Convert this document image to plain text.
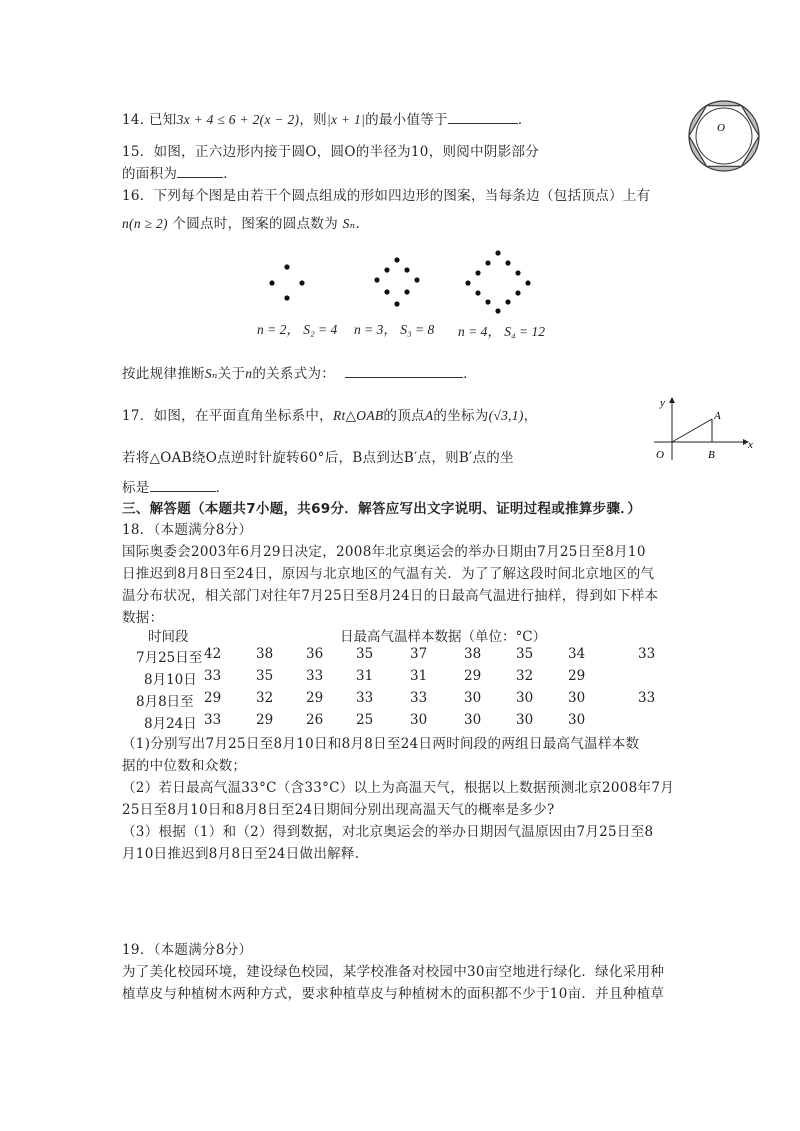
14. 已知3x + 4 ≤ 6 + 2(x − 2)，则|x + 1|的最小值等于	．	O
15．如图，正六边形内接于圆O，圆O的半径为10，则阅中阴影部分
的面积为	．
16．下列每个图是由若干个圆点组成的形如四边形的图案，当每条边（包括顶点）上有
n(n ≥ 2) 个圆点时，图案的圆点数为 Sₙ．
n = 2， S₂ = 4 n = 3， S₃ = 8 n = 4， S₄ = 12
按此规律推断Sₙ关于n的关系式为：	．
17．如图，在平面直角坐标系中，Rt△OAB的顶点A的坐标为(√3,1)，
若将△OAB绕O点逆时针旋转60°后，B点到达B′点，则B′点的坐
标是	．
y
x
O
A
B
三、解答题（本题共7小题，共69分．解答应写出文字说明、证明过程或推算步骤．）
18．（本题满分8分）
国际奥委会2003年6月29日决定，2008年北京奥运会的举办日期由7月25日至8月10
日推迟到8月8日至24日，原因与北京地区的气温有关．为了了解这段时间北京地区的气
温分布状况，相关部门对往年7月25日至8月24日的日最高气温进行抽样，得到如下样本
数据：
时间段	日最高气温样本数据（单位：°C）
7月25日至 42	38 36 35	37	38	35	34	33
8月10日 33	35 33 31	31	29	32	29
8月8日至 29	32 29 33	33	30	30	30	33
8月24日 33	29 26 25	30	30	30	30
（1)分别写出7月25日至8月10日和8月8日至24日两时间段的两组日最高气温样本数
据的中位数和众数；
（2）若日最高气温33°C（含33°C）以上为高温天气，根据以上数据预测北京2008年7月
25日至8月10日和8月8日至24日期间分别出现高温天气的概率是多少?
（3）根据（1）和（2）得到数据，对北京奥运会的举办日期因气温原因由7月25日至8
月10日推迟到8月8日至24日做出解释.
19．（本题满分8分）
为了美化校园环境，建设绿色校园，某学校准备对校园中30亩空地进行绿化．绿化采用种
植草皮与种植树木两种方式，要求种植草皮与种植树木的面积都不少于10亩．并且种植草
